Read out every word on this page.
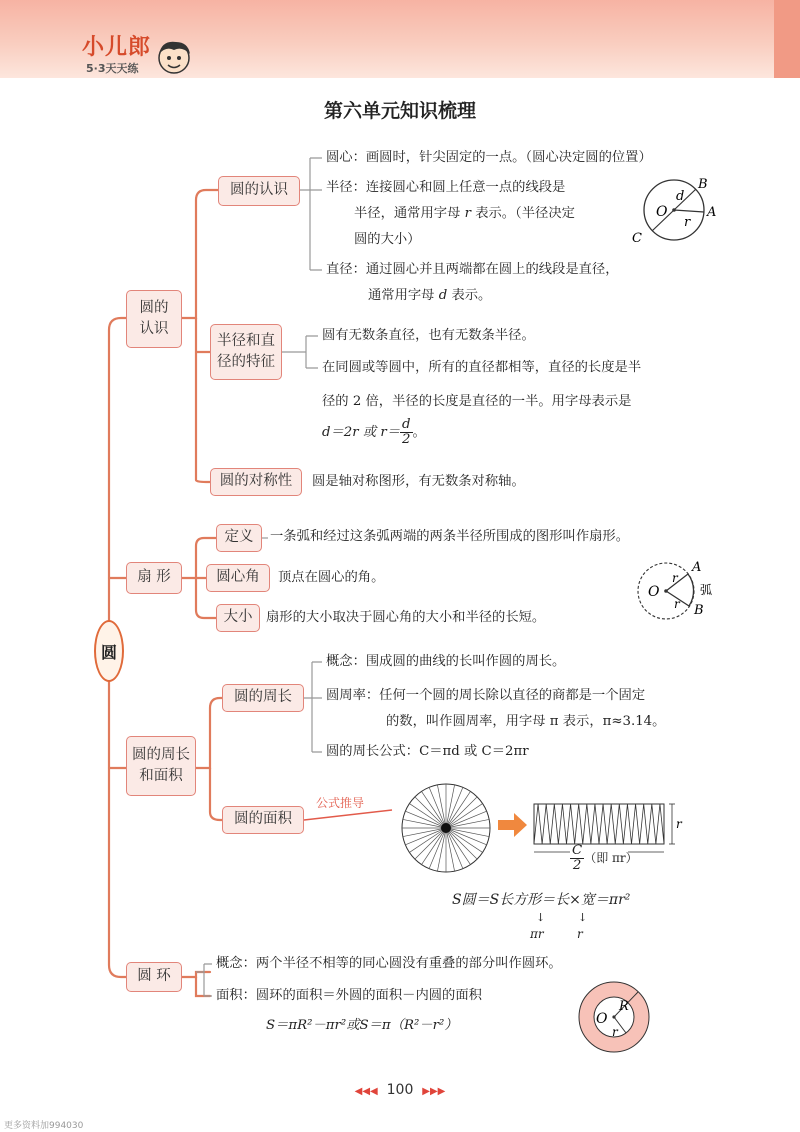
小儿郎
5·3天天练
第六单元知识梳理
圆
圆的认识
圆的认识
圆心：画圆时，针尖固定的一点。（圆心决定圆的位置）
半径：连接圆心和圆上任意一点的线段是
半径，通常用字母 r 表示。（半径决定
圆的大小）
直径：通过圆心并且两端都在圆上的线段是直径，
通常用字母 d 表示。
O
d
r
B
A
C
半径和直径的特征
圆有无数条直径，也有无数条半径。
在同圆或等圆中，所有的直径都相等，直径的长度是半
径的 2 倍，半径的长度是直径的一半。用字母表示是
d＝2r 或 $r= \frac{d}{2}$ 。
圆的对称性	圆是轴对称图形，有无数条对称轴。
扇 形
定义	一条弧和经过这条弧两端的两条半径所围成的图形叫作扇形。
圆心角	顶点在圆心的角。
大小	扇形的大小取决于圆心角的大小和半径的长短。
O
r
r
A
B
弧
圆的周长和面积
圆的周长
概念：围成圆的曲线的长叫作圆的周长。
圆周率：任何一个圆的周长除以直径的商都是一个固定
的数，叫作圆周率，用字母 π 表示，π≈3.14。
圆的周长公式：C＝πd 或 C＝2πr
圆的面积
公式推导
r
$\frac{C}{2}$ （即 πr）
S圆＝S长方形＝长×宽＝πr²
↓	↓
πr	r
圆 环
概念：两个半径不相等的同心圆没有重叠的部分叫作圆环。
面积：圆环的面积＝外圆的面积－内圆的面积
S＝πR²－πr²或S＝π（R²－r²）	O
R
r
◀◀◀ 100 ▶▶▶
更多资料加994030
